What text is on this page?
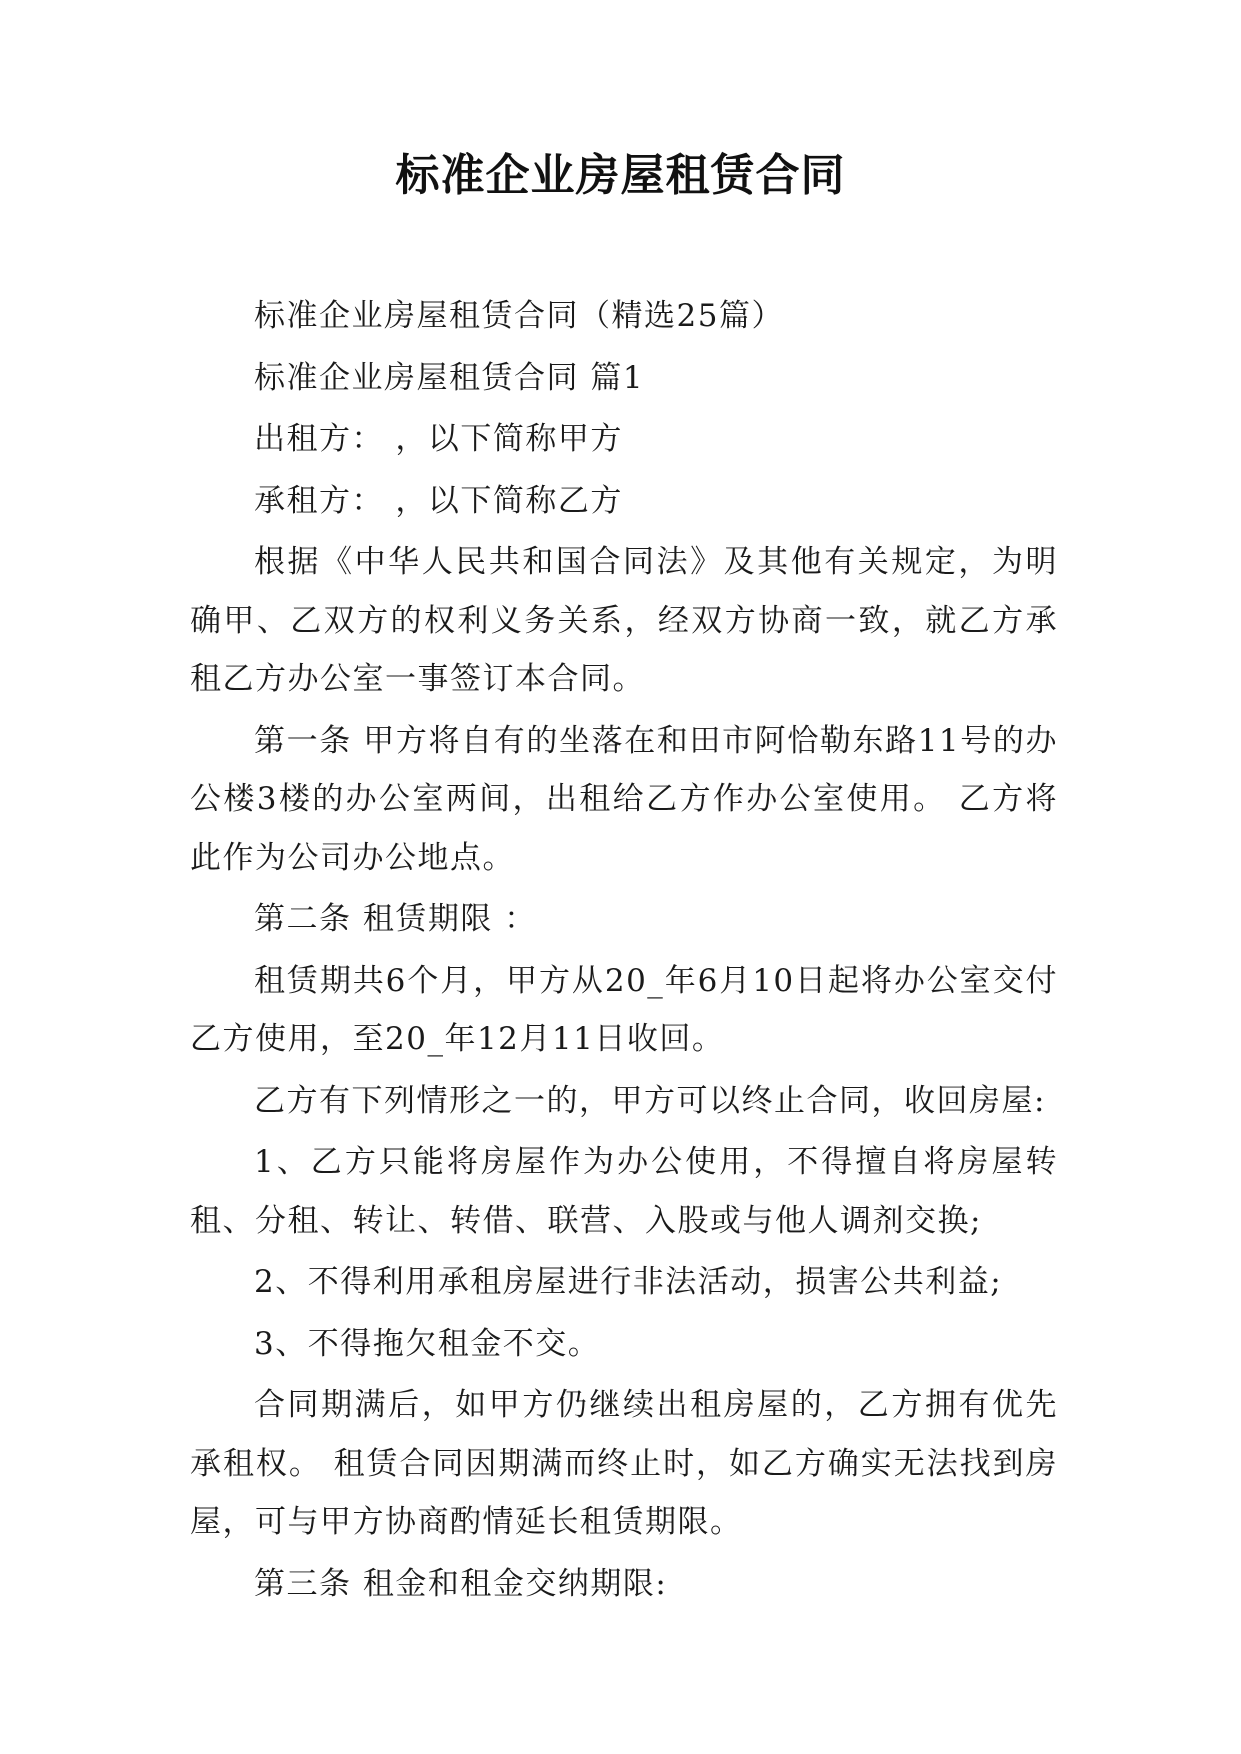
标准企业房屋租赁合同

标准企业房屋租赁合同（精选25篇）

标准企业房屋租赁合同 篇1

出租方： ，以下简称甲方

承租方： ，以下简称乙方

根据《中华人民共和国合同法》及其他有关规定，为明确甲、乙双方的权利义务关系，经双方协商一致，就乙方承租乙方办公室一事签订本合同。

第一条 甲方将自有的坐落在和田市阿恰勒东路11号的办公楼3楼的办公室两间，出租给乙方作办公室使用。 乙方将此作为公司办公地点。

第二条 租赁期限 ：

租赁期共6个月，甲方从20_年6月10日起将办公室交付乙方使用，至20_年12月11日收回。

乙方有下列情形之一的，甲方可以终止合同，收回房屋:

1、乙方只能将房屋作为办公使用，不得擅自将房屋转租、分租、转让、转借、联营、入股或与他人调剂交换;

2、不得利用承租房屋进行非法活动，损害公共利益;

3、不得拖欠租金不交。

合同期满后，如甲方仍继续出租房屋的，乙方拥有优先承租权。 租赁合同因期满而终止时，如乙方确实无法找到房屋，可与甲方协商酌情延长租赁期限。

第三条 租金和租金交纳期限:
